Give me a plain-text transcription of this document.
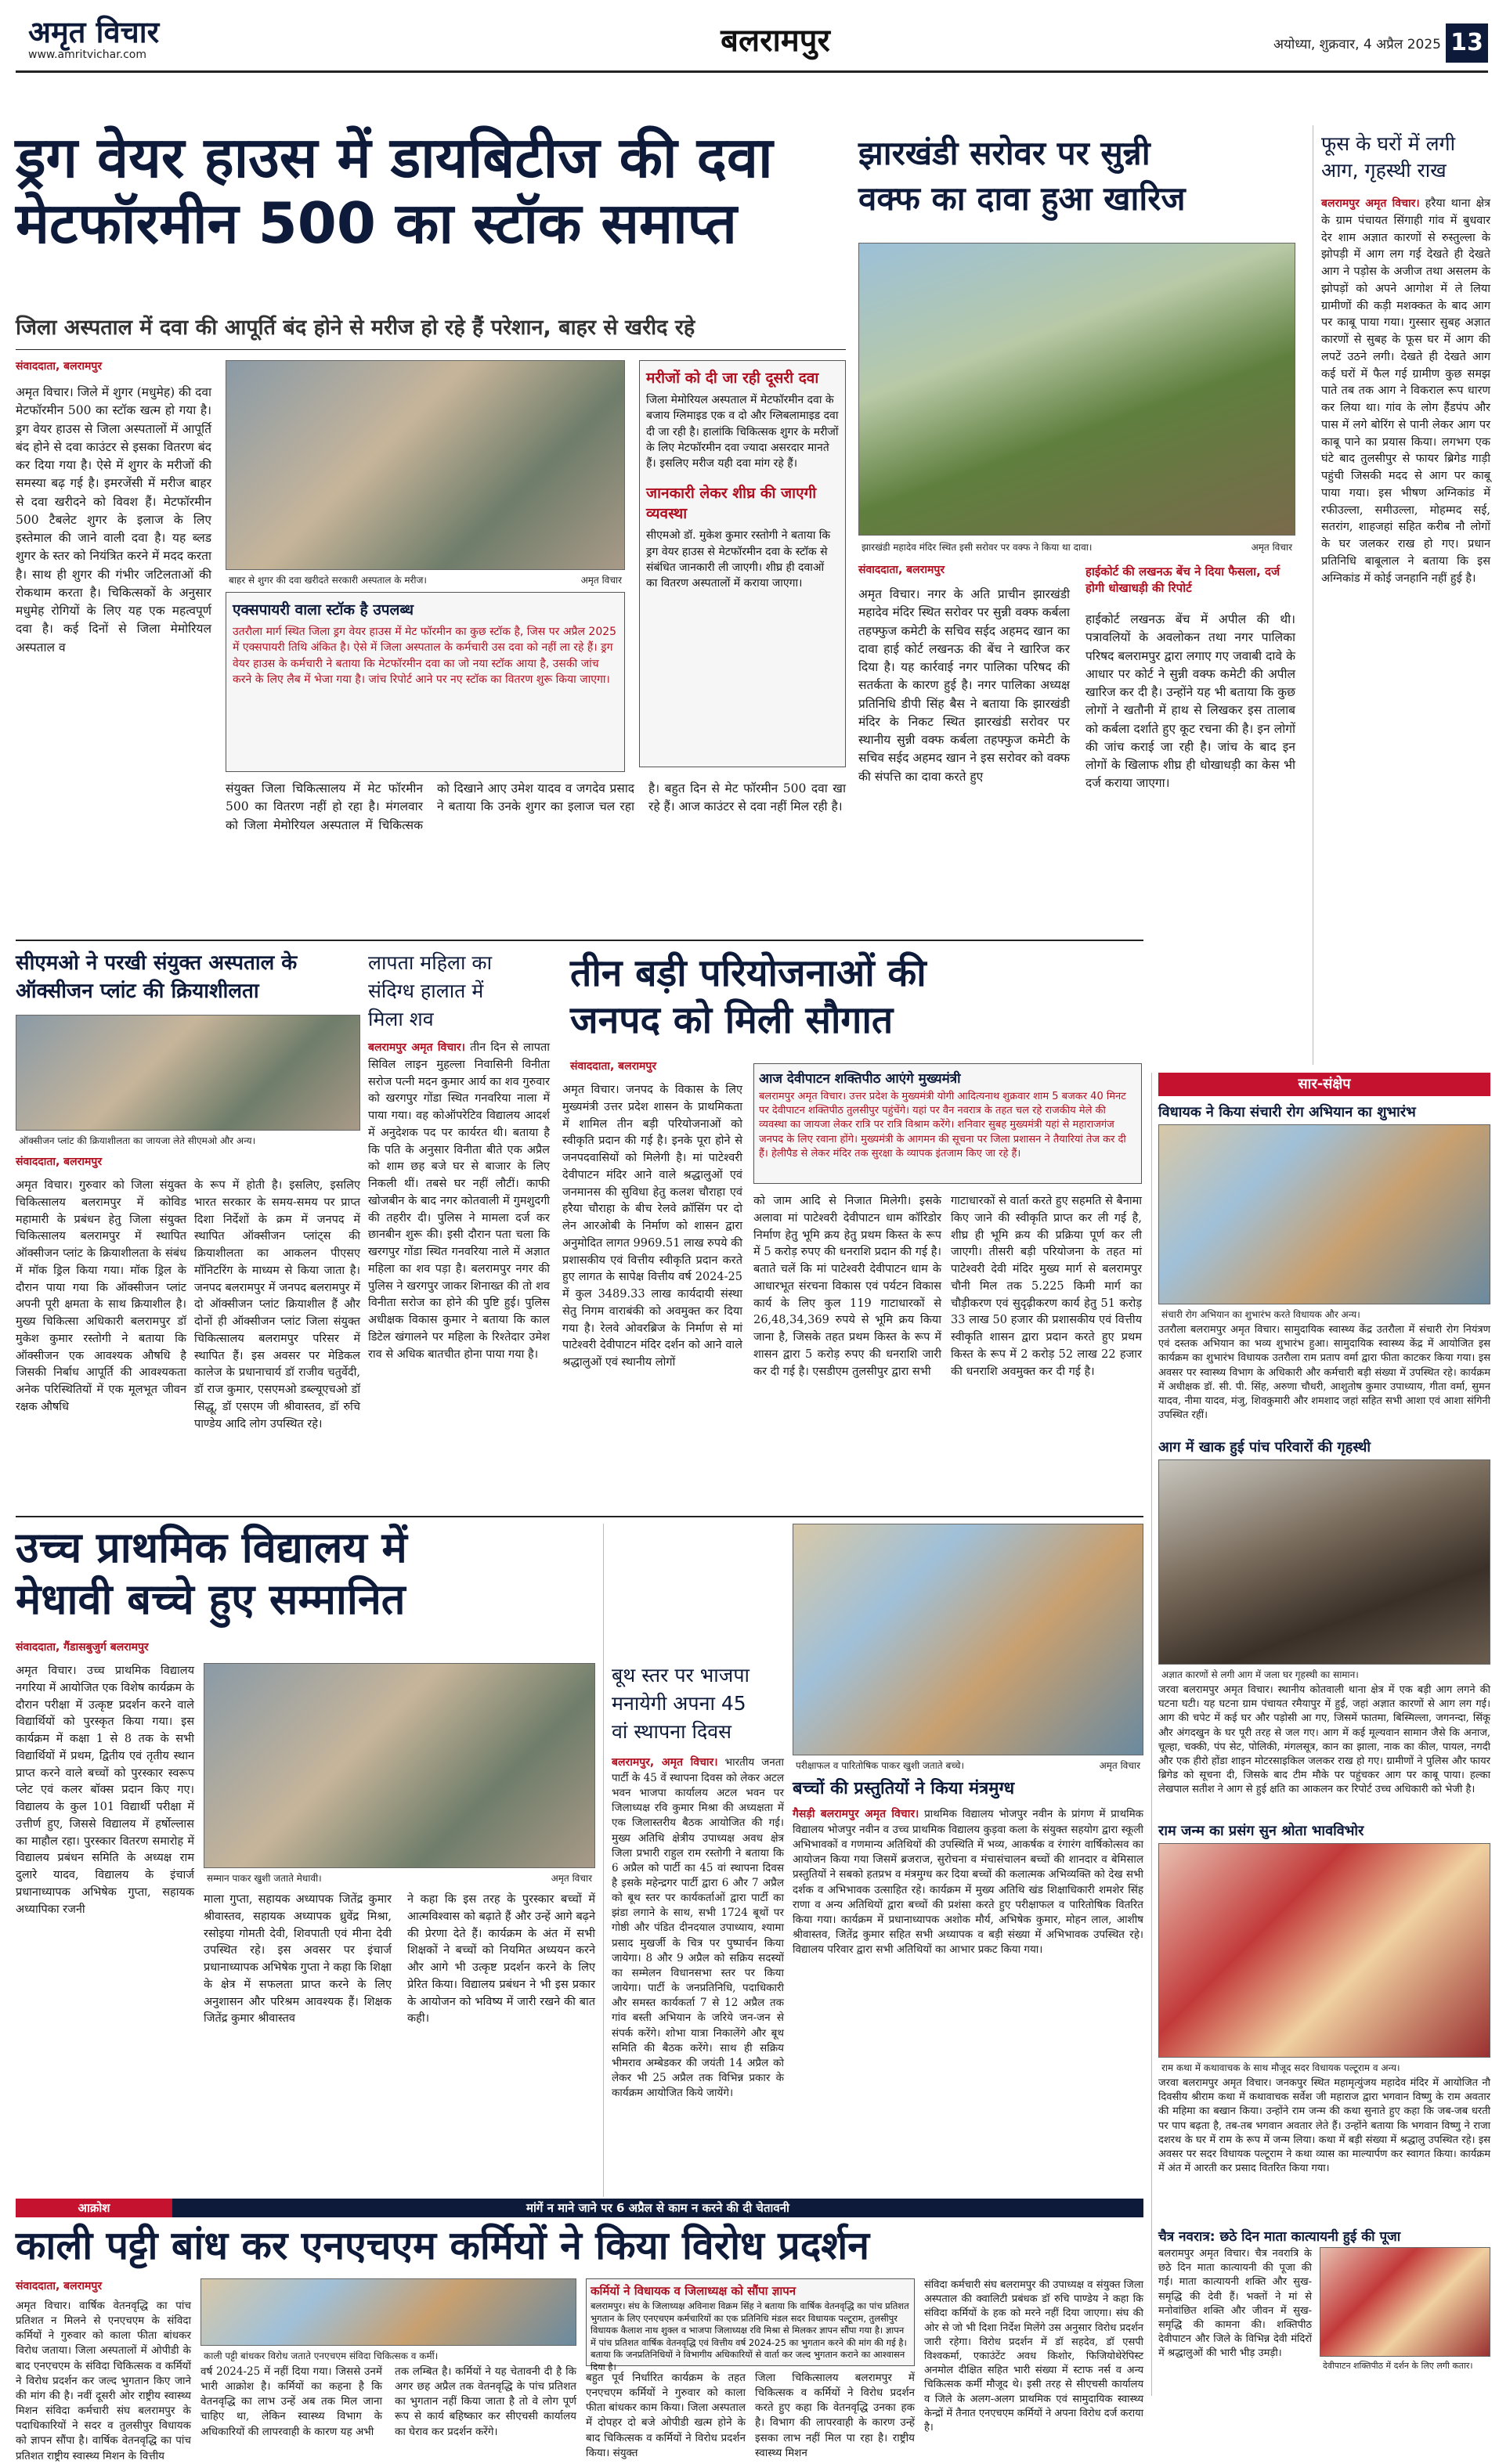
अमृत विचार
www.amritvichar.com	बलरामपुर	अयोध्या, शुक्रवार, 4 अप्रैल 2025 13
ड्रग वेयर हाउस में डायबिटीज की दवा
मेटफॉरमीन 500 का स्टॉक समाप्त
जिला अस्पताल में दवा की आपूर्ति बंद होने से मरीज हो रहे हैं परेशान, बाहर से खरीद रहे
संवाददाता, बलरामपुर
अमृत विचार। जिले में शुगर (मधुमेह) की दवा मेटफॉरमीन 500 का स्टॉक खत्म हो गया है। ड्रग वेयर हाउस से जिला अस्पतालों में आपूर्ति बंद होने से दवा काउंटर से इसका वितरण बंद कर दिया गया है। ऐसे में शुगर के मरीजों की समस्या बढ़ गई है। इमरजेंसी में मरीज बाहर से दवा खरीदने को विवश हैं। मेटफॉरमीन 500 टैबलेट शुगर के इलाज के लिए इस्तेमाल की जाने वाली दवा है। यह ब्लड शुगर के स्तर को नियंत्रित करने में मदद करता है। साथ ही शुगर की गंभीर जटिलताओं की रोकथाम करता है। चिकित्सकों के अनुसार मधुमेह रोगियों के लिए यह एक महत्वपूर्ण दवा है। कई दिनों से जिला मेमोरियल अस्पताल व
बाहर से शुगर की दवा खरीदते सरकारी अस्पताल के मरीज।	अमृत विचार
एक्सपायरी वाला स्टॉक है उपलब्ध
उतरौला मार्ग स्थित जिला ड्रग वेयर हाउस में मेट फॉरमीन का कुछ स्टॉक है, जिस पर अप्रैल 2025 में एक्सपायरी तिथि अंकित है। ऐसे में जिला अस्पताल के कर्मचारी उस दवा को नहीं ला रहे हैं। ड्रग वेयर हाउस के कर्मचारी ने बताया कि मेटफॉरमीन दवा का जो नया स्टॉक आया है, उसकी जांच करने के लिए लैब में भेजा गया है। जांच रिपोर्ट आने पर नए स्टॉक का वितरण शुरू किया जाएगा।
संयुक्त जिला चिकित्सालय में मेट फॉरमीन 500 का वितरण नहीं हो रहा है। मंगलवार को जिला मेमोरियल अस्पताल में चिकित्सक को दिखाने आए उमेश यादव व जगदेव प्रसाद ने बताया कि उनके शुगर का इलाज चल रहा है। बहुत दिन से मेट फॉरमीन 500 दवा खा रहे हैं। आज काउंटर से दवा नहीं मिल रही है।
मरीजों को दी जा रही दूसरी दवा
जिला मेमोरियल अस्पताल में मेटफॉरमीन दवा के बजाय ग्लिमाइड एक व दो और ग्लिबलामाइड दवा दी जा रही है। हालांकि चिकित्सक शुगर के मरीजों के लिए मेटफॉरमीन दवा ज्यादा असरदार मानते हैं। इसलिए मरीज यही दवा मांग रहे हैं।
जानकारी लेकर शीघ्र की जाएगी व्यवस्था
सीएमओ डॉ. मुकेश कुमार रस्तोगी ने बताया कि ड्रग वेयर हाउस से मेटफॉरमीन दवा के स्टॉक से संबंधित जानकारी ली जाएगी। शीघ्र ही दवाओं का वितरण अस्पतालों में कराया जाएगा।
झारखंडी सरोवर पर सुन्नी
वक्फ का दावा हुआ खारिज
झारखंडी महादेव मंदिर स्थित इसी सरोवर पर वक्फ ने किया था दावा।	अमृत विचार
संवाददाता, बलरामपुर
अमृत विचार। नगर के अति प्राचीन झारखंडी महादेव मंदिर स्थित सरोवर पर सुन्नी वक्फ कर्बला तहफ्फुज कमेटी के सचिव सईद अहमद खान का दावा हाई कोर्ट लखनऊ की बेंच ने खारिज कर दिया है। यह कार्रवाई नगर पालिका परिषद की सतर्कता के कारण हुई है। नगर पालिका अध्यक्ष प्रतिनिधि डीपी सिंह बैस ने बताया कि झारखंडी मंदिर के निकट स्थित झारखंडी सरोवर पर स्थानीय सुन्नी वक्फ कर्बला तहफ्फुज कमेटी के सचिव सईद अहमद खान ने इस सरोवर को वक्फ की संपत्ति का दावा करते हुए
हाईकोर्ट की लखनऊ बेंच ने दिया फैसला, दर्ज होगी धोखाधड़ी की रिपोर्ट
हाईकोर्ट लखनऊ बेंच में अपील की थी। पत्रावलियों के अवलोकन तथा नगर पालिका परिषद बलरामपुर द्वारा लगाए गए जवाबी दावे के आधार पर कोर्ट ने सुन्नी वक्फ कमेटी की अपील खारिज कर दी है। उन्होंने यह भी बताया कि कुछ लोगों ने खतौनी में हाथ से लिखकर इस तालाब को कर्बला दर्शाते हुए कूट रचना की है। इन लोगों की जांच कराई जा रही है। जांच के बाद इन लोगों के खिलाफ शीघ्र ही धोखाधड़ी का केस भी दर्ज कराया जाएगा।
फूस के घरों में लगी
आग, गृहस्थी राख
बलरामपुर अमृत विचार। हरैया थाना क्षेत्र के ग्राम पंचायत सिंगाही गांव में बुधवार देर शाम अज्ञात कारणों से रुस्तुल्ला के झोपड़ी में आग लग गई देखते ही देखते आग ने पड़ोस के अजीज तथा असलम के झोपड़ों को अपने आगोश में ले लिया ग्रामीणों की कड़ी मशक्कत के बाद आग पर काबू पाया गया। गुस्सार सुबह अज्ञात कारणों से सुबह के फूस घर में आग की लपटें उठने लगी। देखते ही देखते आग कई घरों में फैल गई ग्रामीण कुछ समझ पाते तब तक आग ने विकराल रूप धारण कर लिया था। गांव के लोग हैंडपंप और पास में लगे बोरिंग से पानी लेकर आग पर काबू पाने का प्रयास किया। लगभग एक घंटे बाद तुलसीपुर से फायर ब्रिगेड गाड़ी पहुंची जिसकी मदद से आग पर काबू पाया गया। इस भीषण अग्निकांड में रफीउल्ला, समीउल्ला, मोहम्मद सई, सतरांग, शाहजहां सहित करीब नौ लोगों के घर जलकर राख हो गए। प्रधान प्रतिनिधि बाबूलाल ने बताया कि इस अग्निकांड में कोई जनहानि नहीं हुई है।
सीएमओ ने परखी संयुक्त अस्पताल के
ऑक्सीजन प्लांट की क्रियाशीलता
ऑक्सीजन प्लांट की क्रियाशीलता का जायजा लेते सीएमओ और अन्य।
संवाददाता, बलरामपुर
अमृत विचार। गुरुवार को जिला संयुक्त चिकित्सालय बलरामपुर में कोविड महामारी के प्रबंधन हेतु जिला संयुक्त चिकित्सालय बलरामपुर में स्थापित ऑक्सीजन प्लांट के क्रियाशीलता के संबंध में मॉक ड्रिल किया गया। मॉक ड्रिल के दौरान पाया गया कि ऑक्सीजन प्लांट अपनी पूरी क्षमता के साथ क्रियाशील है। मुख्य चिकित्सा अधिकारी बलरामपुर डॉ मुकेश कुमार रस्तोगी ने बताया कि ऑक्सीजन एक आवश्यक औषधि है जिसकी निर्बाध आपूर्ति की आवश्यकता अनेक परिस्थितियों में एक मूलभूत जीवन रक्षक औषधि
के रूप में होती है। इसलिए, इसलिए भारत सरकार के समय-समय पर प्राप्त दिशा निर्देशों के क्रम में जनपद में स्थापित ऑक्सीजन प्लांट्स की क्रियाशीलता का आकलन पीएसए मॉनिटरिंग के माध्यम से किया जाता है। जनपद बलरामपुर में जनपद बलरामपुर में दो ऑक्सीजन प्लांट क्रियाशील हैं और दोनों ही ऑक्सीजन प्लांट जिला संयुक्त चिकित्सालय बलरामपुर परिसर में स्थापित हैं। इस अवसर पर मेडिकल कालेज के प्रधानाचार्य डॉ राजीव चतुर्वेदी, डॉ राज कुमार, एसएमओ डब्ल्यूएचओ डॉ सिद्धू, डॉ एसएम जी श्रीवास्तव, डॉ रुचि पाण्डेय आदि लोग उपस्थित रहे।
लापता महिला का
संदिग्ध हालात में
मिला शव
बलरामपुर अमृत विचार। तीन दिन से लापता सिविल लाइन मुहल्ला निवासिनी विनीता सरोज पत्नी मदन कुमार आर्य का शव गुरुवार को खरगपुर गोंडा स्थित गनवरिया नाला में पाया गया। वह कोऑपरेटिव विद्यालय आदर्श में अनुदेशक पद पर कार्यरत थी। बताया है कि पति के अनुसार विनीता बीते एक अप्रैल को शाम छह बजे घर से बाजार के लिए निकली थीं। तबसे घर नहीं लौटीं। काफी खोजबीन के बाद नगर कोतवाली में गुमशुदगी की तहरीर दी। पुलिस ने मामला दर्ज कर छानबीन शुरू की। इसी दौरान पता चला कि खरगपुर गोंडा स्थित गनवरिया नाले में अज्ञात महिला का शव पड़ा है। बलरामपुर नगर की पुलिस ने खरगपुर जाकर शिनाख्त की तो शव विनीता सरोज का होने की पुष्टि हुई। पुलिस अधीक्षक विकास कुमार ने बताया कि काल डिटेल खंगालने पर महिला के रिश्तेदार उमेश राव से अधिक बातचीत होना पाया गया है।
तीन बड़ी परियोजनाओं की
जनपद को मिली सौगात
संवाददाता, बलरामपुर
अमृत विचार। जनपद के विकास के लिए मुख्यमंत्री उत्तर प्रदेश शासन के प्राथमिकता में शामिल तीन बड़ी परियोजनाओं को स्वीकृति प्रदान की गई है। इनके पूरा होने से जनपदवासियों को मिलेगी है। मां पाटेश्वरी देवीपाटन मंदिर आने वाले श्रद्धालुओं एवं जनमानस की सुविधा हेतु कलश चौराहा एवं हरैया चौराहा के बीच रेलवे क्रॉसिंग पर दो लेन आरओबी के निर्माण को शासन द्वारा अनुमोदित लागत 9969.51 लाख रुपये की प्रशासकीय एवं वित्तीय स्वीकृति प्रदान करते हुए लागत के सापेक्ष वित्तीय वर्ष 2024-25 में कुल 3489.33 लाख कार्यदायी संस्था सेतु निगम वाराबंकी को अवमुक्त कर दिया गया है। रेलवे ओवरब्रिज के निर्माण से मां पाटेश्वरी देवीपाटन मंदिर दर्शन को आने वाले श्रद्धालुओं एवं स्थानीय लोगों
आज देवीपाटन शक्तिपीठ आएंगे मुख्यमंत्री
बलरामपुर अमृत विचार। उत्तर प्रदेश के मुख्यमंत्री योगी आदित्यनाथ शुक्रवार शाम 5 बजकर 40 मिनट पर देवीपाटन शक्तिपीठ तुलसीपुर पहुंचेंगे। यहां पर वैन नवरात्र के तहत चल रहे राजकीय मेले की व्यवस्था का जायजा लेकर रात्रि पर रात्रि विश्राम करेंगे। शनिवार सुबह मुख्यमंत्री यहां से महाराजगंज जनपद के लिए रवाना होंगे। मुख्यमंत्री के आगमन की सूचना पर जिला प्रशासन ने तैयारियां तेज कर दी हैं। हेलीपैड से लेकर मंदिर तक सुरक्षा के व्यापक इंतजाम किए जा रहे हैं।
को जाम आदि से निजात मिलेगी। इसके अलावा मां पाटेश्वरी देवीपाटन धाम कॉरिडोर निर्माण हेतु भूमि क्रय हेतु प्रथम किस्त के रूप में 5 करोड़ रुपए की धनराशि प्रदान की गई है। बताते चलें कि मां पाटेश्वरी देवीपाटन धाम के आधारभूत संरचना विकास एवं पर्यटन विकास कार्य के लिए कुल 119 गाटाधारकों से 26,48,34,369 रुपये से भूमि क्रय किया जाना है, जिसके तहत प्रथम किस्त के रूप में शासन द्वारा 5 करोड़ रुपए की धनराशि जारी कर दी गई है। एसडीएम तुलसीपुर द्वारा सभी
गाटाधारकों से वार्ता करते हुए सहमति से बैनामा किए जाने की स्वीकृति प्राप्त कर ली गई है, शीघ्र ही भूमि क्रय की प्रक्रिया पूर्ण कर ली जाएगी। तीसरी बड़ी परियोजना के तहत मां पाटेश्वरी देवी मंदिर मुख्य मार्ग से बलरामपुर चौनी मिल तक 5.225 किमी मार्ग का चौड़ीकरण एवं सुदृढ़ीकरण कार्य हेतु 51 करोड़ 33 लाख 50 हजार की प्रशासकीय एवं वित्तीय स्वीकृति शासन द्वारा प्रदान करते हुए प्रथम किस्त के रूप में 2 करोड़ 52 लाख 22 हजार की धनराशि अवमुक्त कर दी गई है।
सार-संक्षेप
विधायक ने किया संचारी रोग अभियान का शुभारंभ
संचारी रोग अभियान का शुभारंभ करते विधायक और अन्य।
उतरौला बलरामपुर अमृत विचार। सामुदायिक स्वास्थ्य केंद्र उतरौला में संचारी रोग नियंत्रण एवं दस्तक अभियान का भव्य शुभारंभ हुआ। सामुदायिक स्वास्थ्य केंद्र में आयोजित इस कार्यक्रम का शुभारंभ विधायक उतरौला राम प्रताप वर्मा द्वारा फीता काटकर किया गया। इस अवसर पर स्वास्थ्य विभाग के अधिकारी और कर्मचारी बड़ी संख्या में उपस्थित रहे। कार्यक्रम में अधीक्षक डॉ. सी. पी. सिंह, अरुणा चौधरी, आशुतोष कुमार उपाध्याय, गीता वर्मा, सुमन यादव, नीमा यादव, मंजु, शिवकुमारी और शमशाद जहां सहित सभी आशा एवं आशा संगिनी उपस्थित रहीं।
आग में खाक हुई पांच परिवारों की गृहस्थी
अज्ञात कारणों से लगी आग में जला घर गृहस्थी का सामान।
जरवा बलरामपुर अमृत विचार। स्थानीय कोतवाली थाना क्षेत्र में एक बड़ी आग लगने की घटना घटी। यह घटना ग्राम पंचायत रमैयापुर में हुई, जहां अज्ञात कारणों से आग लग गई। आग की चपेट में कई घर और पड़ोसी आ गए, जिसमें फातमा, बिस्मिल्ला, जगनन्दा, सिंकू और अंगदखुन के घर पूरी तरह से जल गए। आग में कई मूल्यवान सामान जैसे कि अनाज, चूल्हा, चक्की, पंप सेट, पोलिकी, मंगलसूत्र, कान का झाला, नाक का कील, पायल, नगदी और एक हीरो होंडा शाइन मोटरसाइकिल जलकर राख हो गए। ग्रामीणों ने पुलिस और फायर ब्रिगेड को सूचना दी, जिसके बाद टीम मौके पर पहुंचकर आग पर काबू पाया। हल्का लेखपाल सतीश ने आग से हुई क्षति का आकलन कर रिपोर्ट उच्च अधिकारी को भेजी है।
राम जन्म का प्रसंग सुन श्रोता भावविभोर
राम कथा में कथावाचक के साथ मौजूद सदर विधायक पल्टूराम व अन्य।
जरवा बलरामपुर अमृत विचार। जनकपुर स्थित महामृत्युंजय महादेव मंदिर में आयोजित नौ दिवसीय श्रीराम कथा में कथावाचक सर्वेश जी महाराज द्वारा भगवान विष्णु के राम अवतार की महिमा का बखान किया। उन्होंने राम जन्म की कथा सुनाते हुए कहा कि जब-जब धरती पर पाप बढ़ता है, तब-तब भगवान अवतार लेते हैं। उन्होंने बताया कि भगवान विष्णु ने राजा दशरथ के घर में राम के रूप में जन्म लिया। कथा में बड़ी संख्या में श्रद्धालु उपस्थित रहे। इस अवसर पर सदर विधायक पल्टूराम ने कथा व्यास का माल्यार्पण कर स्वागत किया। कार्यक्रम में अंत में आरती कर प्रसाद वितरित किया गया।
चैत्र नवरात्र: छठे दिन माता कात्यायनी हुई की पूजा
बलरामपुर अमृत विचार। चैत्र नवरात्रि के छठे दिन माता कात्यायनी की पूजा की गई। माता कात्यायनी शक्ति और सुख-समृद्धि की देवी हैं। भक्तों ने मां से मनोवांछित शक्ति और जीवन में सुख-समृद्धि की कामना की। शक्तिपीठ देवीपाटन और जिले के विभिन्न देवी मंदिरों में श्रद्धालुओं की भारी भीड़ उमड़ी।
देवीपाटन शक्तिपीठ में दर्शन के लिए लगी कतार।
उच्च प्राथमिक विद्यालय में
मेधावी बच्चे हुए सम्मानित
संवाददाता, गैंडासबुजुर्ग बलरामपुर
अमृत विचार। उच्च प्राथमिक विद्यालय नगरिया में आयोजित एक विशेष कार्यक्रम के दौरान परीक्षा में उत्कृष्ट प्रदर्शन करने वाले विद्यार्थियों को पुरस्कृत किया गया। इस कार्यक्रम में कक्षा 1 से 8 तक के सभी विद्यार्थियों में प्रथम, द्वितीय एवं तृतीय स्थान प्राप्त करने वाले बच्चों को पुरस्कार स्वरूप प्लेट एवं कलर बॉक्स प्रदान किए गए। विद्यालय के कुल 101 विद्यार्थी परीक्षा में उत्तीर्ण हुए, जिससे विद्यालय में हर्षोल्लास का माहौल रहा। पुरस्कार वितरण समारोह में विद्यालय प्रबंधन समिति के अध्यक्ष राम दुलारे यादव, विद्यालय के इंचार्ज प्रधानाध्यापक अभिषेक गुप्ता, सहायक अध्यापिका रजनी
सम्मान पाकर खुशी जताते मेधावी।	अमृत विचार
माला गुप्ता, सहायक अध्यापक जितेंद्र कुमार श्रीवास्तव, सहायक अध्यापक ध्रुवेंद्र मिश्रा, रसोइया गोमती देवी, शिवपाती एवं मीना देवी उपस्थित रहे। इस अवसर पर इंचार्ज प्रधानाध्यापक अभिषेक गुप्ता ने कहा कि शिक्षा के क्षेत्र में सफलता प्राप्त करने के लिए अनुशासन और परिश्रम आवश्यक हैं। शिक्षक जितेंद्र कुमार श्रीवास्तव
ने कहा कि इस तरह के पुरस्कार बच्चों में आत्मविश्वास को बढ़ाते हैं और उन्हें आगे बढ़ने की प्रेरणा देते हैं। कार्यक्रम के अंत में सभी शिक्षकों ने बच्चों को नियमित अध्ययन करने और आगे भी उत्कृष्ट प्रदर्शन करने के लिए प्रेरित किया। विद्यालय प्रबंधन ने भी इस प्रकार के आयोजन को भविष्य में जारी रखने की बात कही।
बूथ स्तर पर भाजपा
मनायेगी अपना 45
वां स्थापना दिवस
बलरामपुर, अमृत विचार। भारतीय जनता पार्टी के 45 वें स्थापना दिवस को लेकर अटल भवन भाजपा कार्यालय अटल भवन पर जिलाध्यक्ष रवि कुमार मिश्रा की अध्यक्षता में एक जिलास्तरीय बैठक आयोजित की गई। मुख्य अतिथि क्षेत्रीय उपाध्यक्ष अवध क्षेत्र जिला प्रभारी राहुल राम रस्तोगी ने बताया कि 6 अप्रैल को पार्टी का 45 वां स्थापना दिवस है इसके महेन्द्रगर पार्टी द्वारा 6 और 7 अप्रैल को बूथ स्तर पर कार्यकर्ताओं द्वारा पार्टी का झंडा लगाने के साथ, सभी 1724 बूथों पर गोष्ठी और पंडित दीनदयाल उपाध्याय, श्यामा प्रसाद मुखर्जी के चित्र पर पुष्पार्चन किया जायेगा। 8 और 9 अप्रैल को सक्रिय सदस्यों का सम्मेलन विधानसभा स्तर पर किया जायेगा। पार्टी के जनप्रतिनिधि, पदाधिकारी और समस्त कार्यकर्ता 7 से 12 अप्रैल तक गांव बस्ती अभियान के जरिये जन-जन से संपर्क करेंगे। शोभा यात्रा निकालेंगे और बूथ समिति की बैठक करेंगे। साथ ही सक्रिय भीमराव अम्बेडकर की जयंती 14 अप्रैल को लेकर भी 25 अप्रैल तक विभिन्न प्रकार के कार्यक्रम आयोजित किये जायेंगे।
परीक्षाफल व पारितोषिक पाकर खुशी जताते बच्चे।	अमृत विचार
बच्चों की प्रस्तुतियों ने किया मंत्रमुग्ध
गैसड़ी बलरामपुर अमृत विचार। प्राथमिक विद्यालय भोजपुर नवीन के प्रांगण में प्राथमिक विद्यालय भोजपुर नवीन व उच्च प्राथमिक विद्यालय कुड़वा कला के संयुक्त सहयोग द्वारा स्कूली अभिभावकों व गणमान्य अतिथियों की उपस्थिति में भव्य, आकर्षक व रंगारंग वार्षिकोत्सव का आयोजन किया गया जिसमें ब्रजराज, सुरोचना व मंचासंचालन बच्चों की शानदार व बेमिसाल प्रस्तुतियों ने सबको हतप्रभ व मंत्रमुग्ध कर दिया बच्चों की कलात्मक अभिव्यक्ति को देख सभी दर्शक व अभिभावक उत्साहित रहे। कार्यक्रम में मुख्य अतिथि खंड शिक्षाधिकारी शमशेर सिंह राणा व अन्य अतिथियों द्वारा बच्चों की प्रशंसा करते हुए परीक्षाफल व पारितोषिक वितरित किया गया। कार्यक्रम में प्रधानाध्यापक अशोक मौर्य, अभिषेक कुमार, मोहन लाल, आशीष श्रीवास्तव, जितेंद्र कुमार सहित सभी अध्यापक व बड़ी संख्या में अभिभावक उपस्थित रहे। विद्यालय परिवार द्वारा सभी अतिथियों का आभार प्रकट किया गया।
आक्रोश	मांगें न माने जाने पर 6 अप्रैल से काम न करने की दी चेतावनी
काली पट्टी बांध कर एनएचएम कर्मियों ने किया विरोध प्रदर्शन
संवाददाता, बलरामपुर
अमृत विचार। वार्षिक वेतनवृद्धि का पांच प्रतिशत न मिलने से एनएचएम के संविदा कर्मियों ने गुरुवार को काला फीता बांधकर विरोध जताया। जिला अस्पतालों में ओपीडी के बाद एनएचएम के संविदा चिकित्सक व कर्मियों ने विरोध प्रदर्शन कर जल्द भुगतान किए जाने की मांग की है। नवीं दूसरी ओर राष्ट्रीय स्वास्थ्य मिशन संविदा कर्मचारी संघ बलरामपुर के पदाधिकारियों ने सदर व तुलसीपुर विधायक को ज्ञापन सौंपा है। वार्षिक वेतनवृद्धि का पांच प्रतिशत राष्ट्रीय स्वास्थ्य मिशन के वित्तीय
काली पट्टी बांधकर विरोध जताते एनएचएम संविदा चिकित्सक व कर्मी।
वर्ष 2024-25 में नहीं दिया गया। जिससे उनमें भारी आक्रोश है। कर्मियों का कहना है कि वेतनवृद्धि का लाभ उन्हें अब तक मिल जाना चाहिए था, लेकिन स्वास्थ्य विभाग के अधिकारियों की लापरवाही के कारण यह अभी
तक लम्बित है। कर्मियों ने यह चेतावनी दी है कि अगर छह अप्रैल तक वेतनवृद्धि के पांच प्रतिशत का भुगतान नहीं किया जाता है तो वे लोग पूर्ण रूप से कार्य बहिष्कार कर सीएचसी कार्यालय का घेराव कर प्रदर्शन करेंगे।
कर्मियों ने विधायक व जिलाध्यक्ष को सौंपा ज्ञापन
बलरामपुर। संघ के जिलाध्यक्ष अविनाश विक्रम सिंह ने बताया कि वार्षिक वेतनवृद्धि का पांच प्रतिशत भुगतान के लिए एनएचएम कर्मचारियों का एक प्रतिनिधि मंडल सदर विधायक पल्टूराम, तुलसीपुर विधायक कैलाश नाथ शुक्ल व भाजपा जिलाध्यक्ष रवि मिश्रा से मिलकर ज्ञापन सौंपा गया है। ज्ञापन में पांच प्रतिशत वार्षिक वेतनवृद्धि एवं वित्तीय वर्ष 2024-25 का भुगतान करने की मांग की गई है। बताया कि जनप्रतिनिधियों ने विभागीय अधिकारियों से वार्ता कर जल्द भुगतान कराने का आश्वासन दिया है।
बहुत पूर्व निर्धारित कार्यक्रम के तहत एनएचएम कर्मियों ने गुरुवार को काला फीता बांधकर काम किया। जिला अस्पताल में दोपहर दो बजे ओपीडी खत्म होने के बाद चिकित्सक व कर्मियों ने विरोध प्रदर्शन किया। संयुक्त
जिला चिकित्सालय बलरामपुर में चिकित्सक व कर्मियों ने विरोध प्रदर्शन करते हुए कहा कि वेतनवृद्धि उनका हक है। विभाग की लापरवाही के कारण उन्हें इसका लाभ नहीं मिल पा रहा है। राष्ट्रीय स्वास्थ्य मिशन
संविदा कर्मचारी संघ बलरामपुर की उपाध्यक्ष व संयुक्त जिला अस्पताल की क्वालिटी प्रबंधक डॉ रुचि पाण्डेय ने कहा कि संविदा कर्मियों के हक को मरने नहीं दिया जाएगा। संघ की ओर से जो भी दिशा निर्देश मिलेंगे उस अनुसार विरोध प्रदर्शन जारी रहेगा। विरोध प्रदर्शन में डॉ सहदेव, डॉ एसपी विश्वकर्मा, एकाउंटेंट अवध किशोर, फिजियोथेरेपिस्ट अनमोल दीक्षित सहित भारी संख्या में स्टाफ नर्स व अन्य चिकित्सक कर्मी मौजूद थे। इसी तरह से सीएचसी कार्यालय व जिले के अलग-अलग प्राथमिक एवं सामुदायिक स्वास्थ्य केन्द्रों में तैनात एनएचएम कर्मियों ने अपना विरोध दर्ज कराया है।
